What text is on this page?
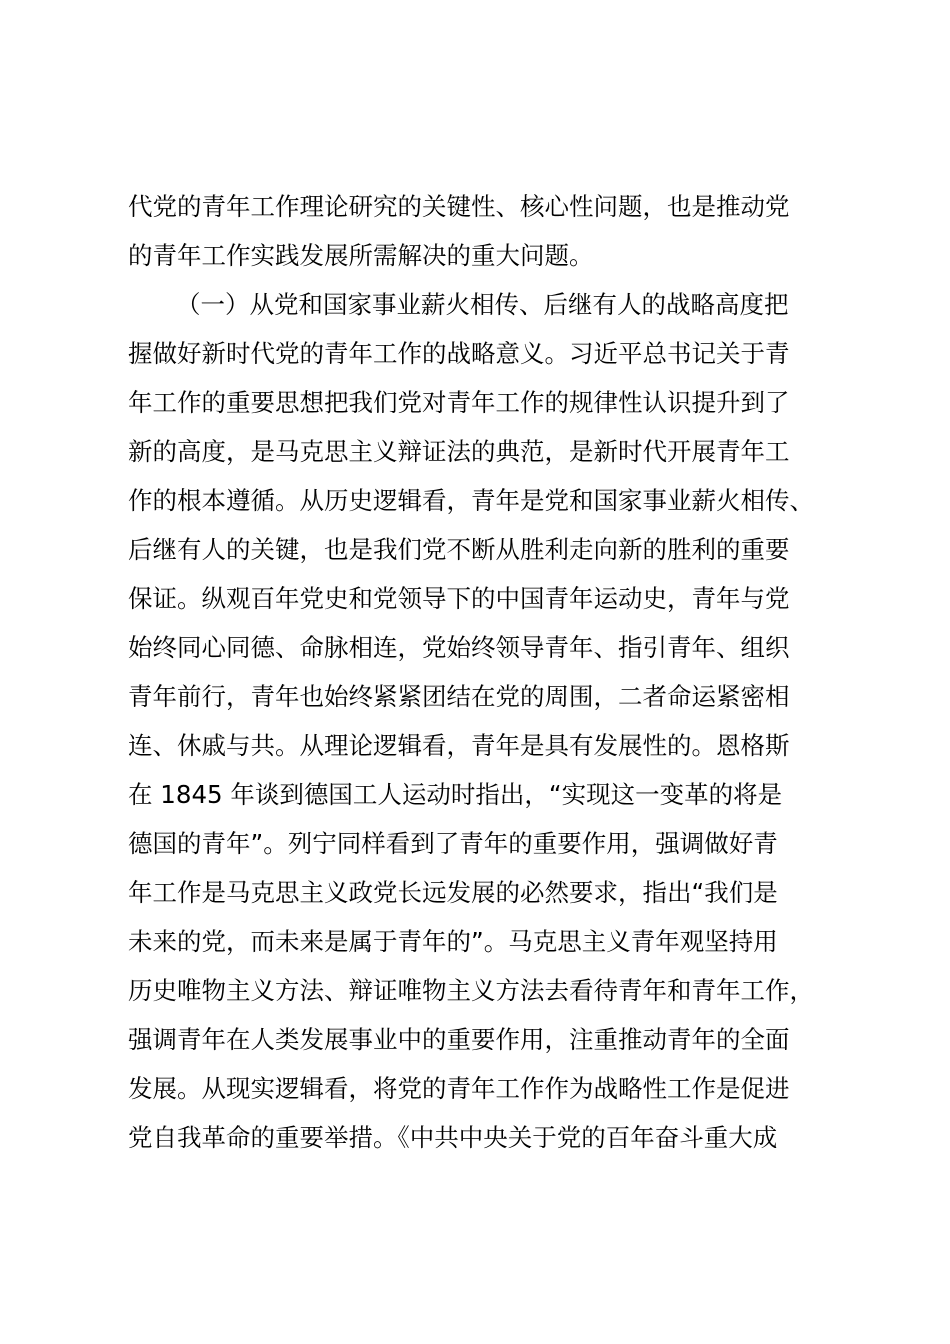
代党的青年工作理论研究的关键性、核心性问题，也是推动党
的青年工作实践发展所需解决的重大问题。
（一）从党和国家事业薪火相传、后继有人的战略高度把
握做好新时代党的青年工作的战略意义。习近平总书记关于青
年工作的重要思想把我们党对青年工作的规律性认识提升到了
新的高度，是马克思主义辩证法的典范，是新时代开展青年工
作的根本遵循。从历史逻辑看，青年是党和国家事业薪火相传、
后继有人的关键，也是我们党不断从胜利走向新的胜利的重要
保证。纵观百年党史和党领导下的中国青年运动史，青年与党
始终同心同德、命脉相连，党始终领导青年、指引青年、组织
青年前行，青年也始终紧紧团结在党的周围，二者命运紧密相
连、休戚与共。从理论逻辑看，青年是具有发展性的。恩格斯
在 1845 年谈到德国工人运动时指出，“实现这一变革的将是
德国的青年”。列宁同样看到了青年的重要作用，强调做好青
年工作是马克思主义政党长远发展的必然要求，指出“我们是
未来的党，而未来是属于青年的”。马克思主义青年观坚持用
历史唯物主义方法、辩证唯物主义方法去看待青年和青年工作，
强调青年在人类发展事业中的重要作用，注重推动青年的全面
发展。从现实逻辑看，将党的青年工作作为战略性工作是促进
党自我革命的重要举措。《中共中央关于党的百年奋斗重大成
